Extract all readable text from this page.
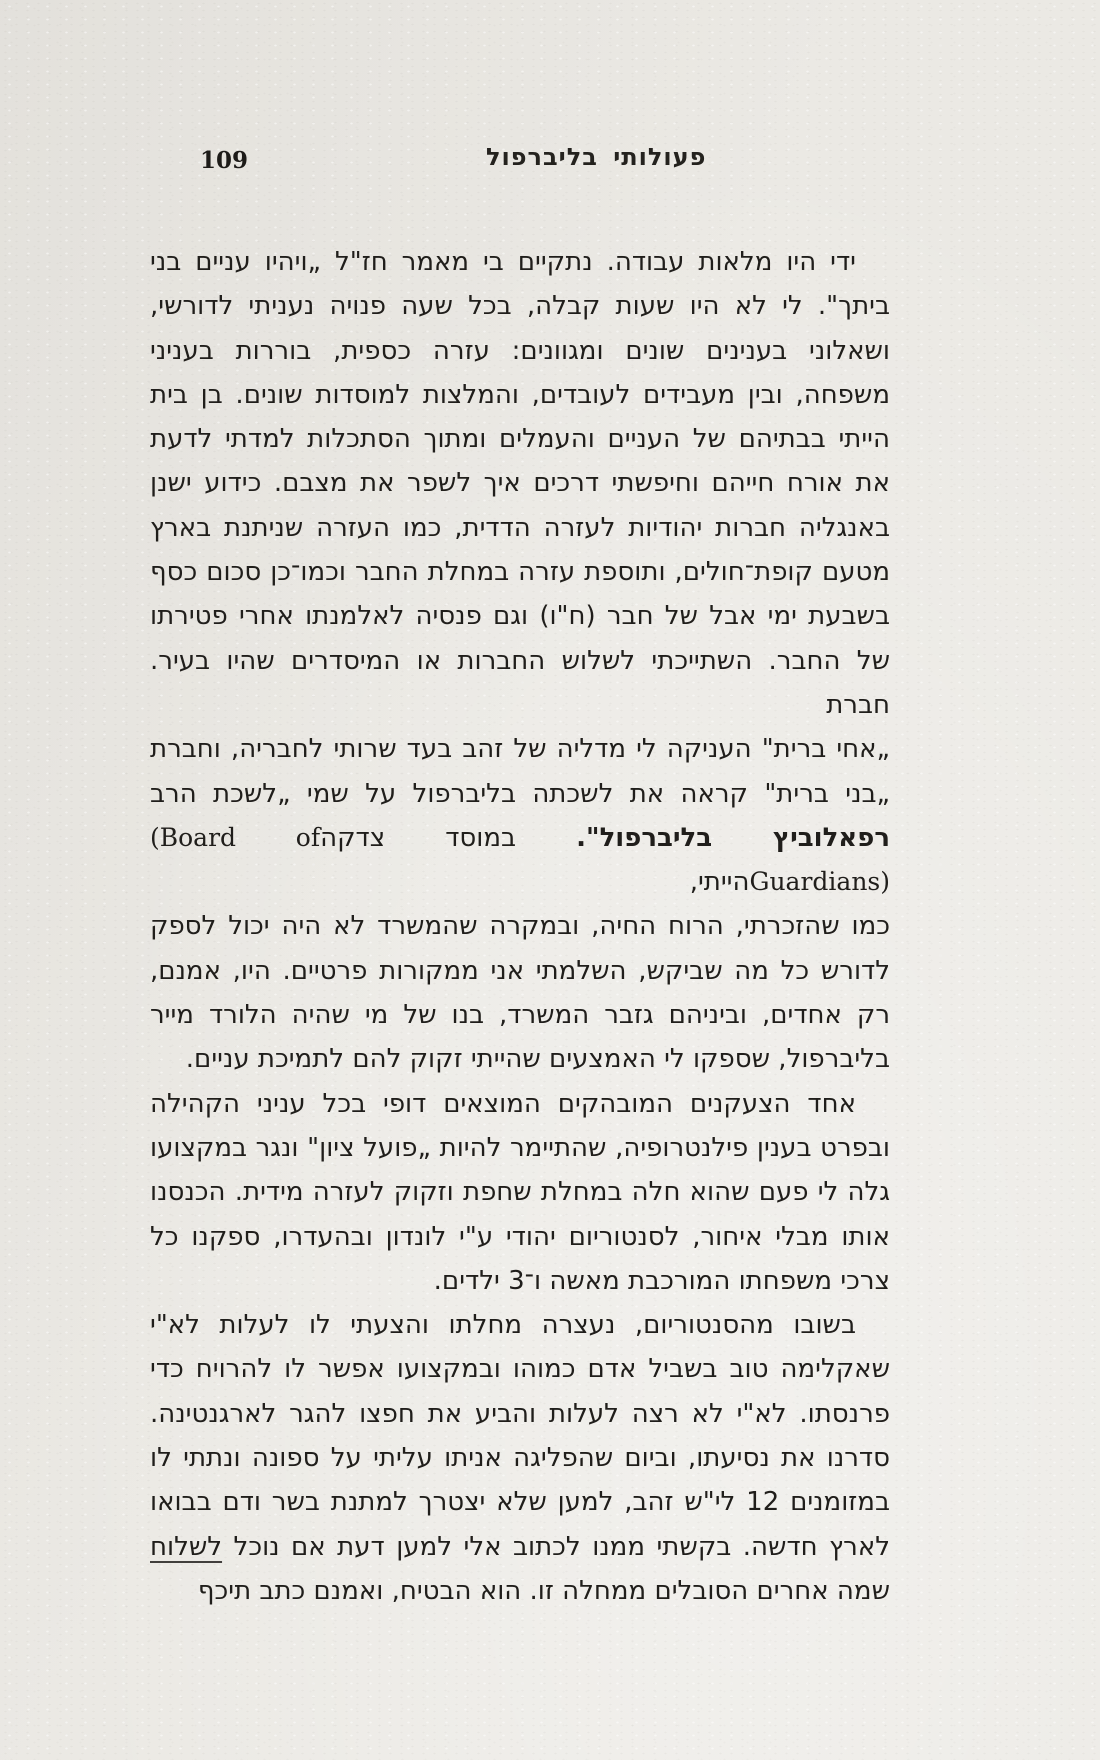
109	פעולותי בליברפול
ידי היו מלאות עבודה. נתקיים בי מאמר חז"ל „ויהיו עניים בני
ביתך". לי לא היו שעות קבלה, בכל שעה פנויה נעניתי לדורשי,
ושאלוני בענינים שונים ומגוונים: עזרה כספית, בוררות בעניני
משפחה, ובין מעבידים לעובדים, והמלצות למוסדות שונים. בן בית
הייתי בבתיהם של העניים והעמלים ומתוך הסתכלות למדתי לדעת
את אורח חייהם וחיפשתי דרכים איך לשפר את מצבם. כידוע ישנן
באנגליה חברות יהודיות לעזרה הדדית, כמו העזרה שניתנת בארץ
מטעם קופת־חולים, ותוספת עזרה במחלת החבר וכמו־כן סכום כסף
בשבעת ימי אבל של חבר (ח"ו) וגם פנסיה לאלמנתו אחרי פטירתו
של החבר. השתייכתי לשלוש החברות או המיסדרים שהיו בעיר. חברת
„אחי ברית" העניקה לי מדליה של זהב בעד שרותי לחבריה, וחברת
„בני ברית" קראה את לשכתה בליברפול על שמי „לשכת הרב
רפאלוביץ בליברפול". במוסד צדקה(Board of Guardians)הייתי,
כמו שהזכרתי, הרוח החיה, ובמקרה שהמשרד לא היה יכול לספק
לדורש כל מה שביקש, השלמתי אני ממקורות פרטיים. היו, אמנם,
רק אחדים, וביניהם גזבר המשרד, בנו של מי שהיה הלורד מייר
בליברפול, שספקו לי האמצעים שהייתי זקוק להם לתמיכת עניים.
אחד הצעקנים המובהקים המוצאים דופי בכל עניני הקהילה
ובפרט בענין פילנטרופיה, שהתיימר להיות „פועל ציון" ונגר במקצועו
גלה לי פעם שהוא חלה במחלת שחפת וזקוק לעזרה מידית. הכנסנו
אותו מבלי איחור, לסנטוריום יהודי ע"י לונדון ובהעדרו, ספקנו כל
צרכי משפחתו המורכבת מאשה ו־3 ילדים.
בשובו מהסנטוריום, נעצרה מחלתו והצעתי לו לעלות לא"י
שאקלימה טוב בשביל אדם כמוהו ובמקצועו אפשר לו להרויח כדי
פרנסתו. לא"י לא רצה לעלות והביע את חפצו להגר לארגנטינה.
סדרנו את נסיעתו, וביום שהפליגה אניתו עליתי על ספונה ונתתי לו
במזומנים 12 לי"ש זהב, למען שלא יצטרך למתנת בשר ודם בבואו
לארץ חדשה. בקשתי ממנו לכתוב אלי למען דעת אם נוכל לשלוח
שמה אחרים הסובלים ממחלה זו. הוא הבטיח, ואמנם כתב תיכף
